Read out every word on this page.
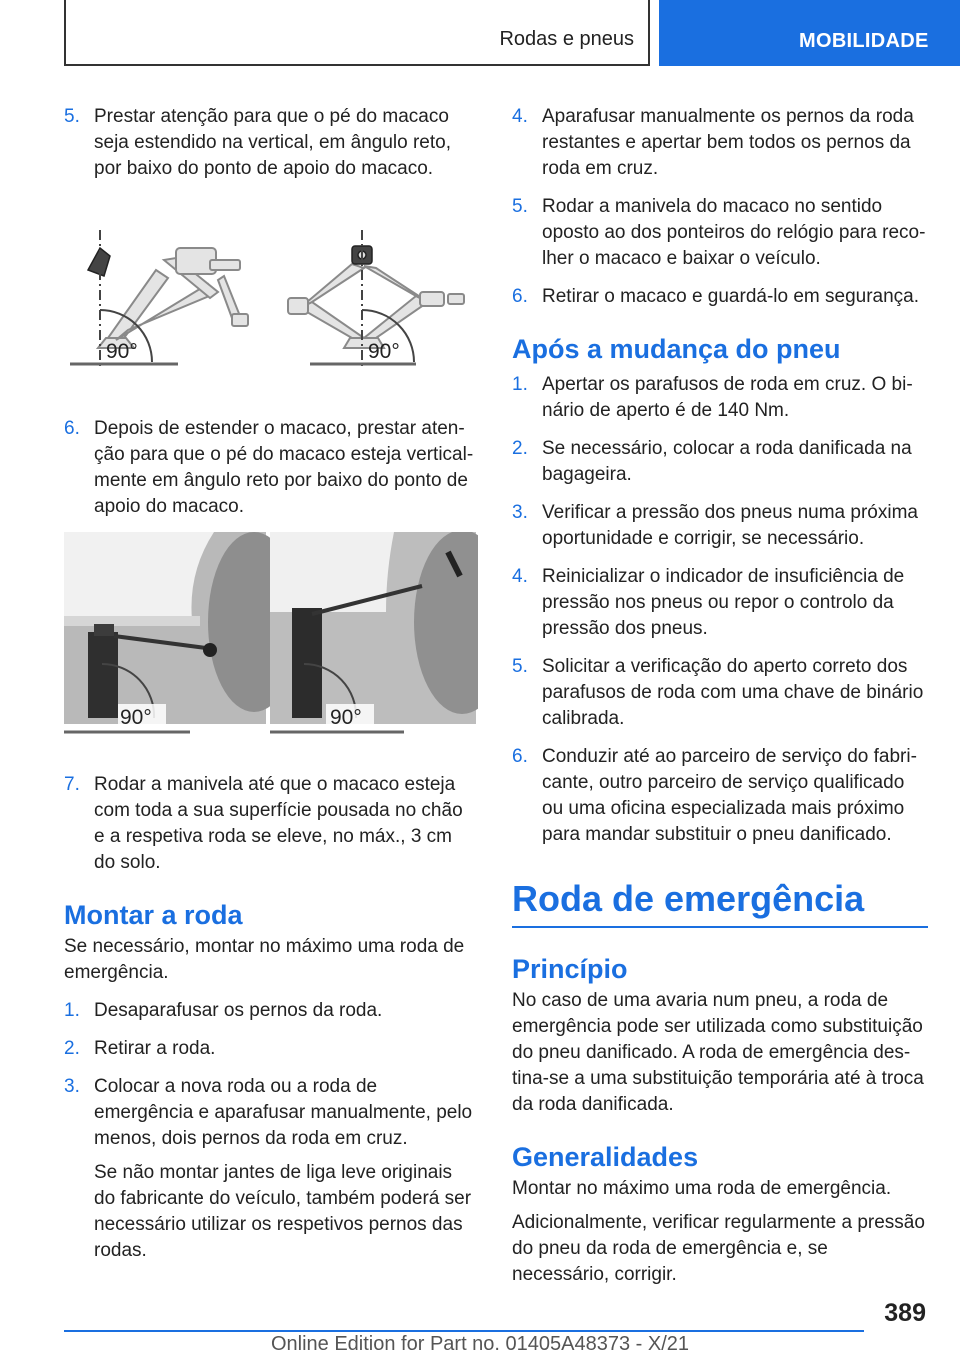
Rodas e pneus	MOBILIDADE
5. Prestar atenção para que o pé do macaco seja estendido na vertical, em ângulo reto, por baixo do ponto de apoio do macaco.

90°	90°
6. Depois de estender o macaco, prestar atenção para que o pé do macaco esteja verticalmente em ângulo reto por baixo do ponto de apoio do macaco.

90°	90°
7. Rodar a manivela até que o macaco esteja com toda a sua superfície pousada no chão e a respetiva roda se eleve, no máx., 3 cm do solo.

Montar a roda
Se necessário, montar no máximo uma roda de emergência.
1. Desaparafusar os pernos da roda.

2. Retirar a roda.

3. Colocar a nova roda ou a roda de emergência e aparafusar manualmente, pelo menos, dois pernos da roda em cruz.

Se não montar jantes de liga leve originais do fabricante do veículo, também poderá ser necessário utilizar os respetivos pernos das rodas.

4. Aparafusar manualmente os pernos da roda restantes e apertar bem todos os pernos da roda em cruz.

5. Rodar a manivela do macaco no sentido oposto ao dos ponteiros do relógio para recolher o macaco e baixar o veículo.

6. Retirar o macaco e guardá-lo em segurança.

Após a mudança do pneu
1. Apertar os parafusos de roda em cruz. O binário de aperto é de 140 Nm.

2. Se necessário, colocar a roda danificada na bagageira.

3. Verificar a pressão dos pneus numa próxima oportunidade e corrigir, se necessário.

4. Reinicializar o indicador de insuficiência de pressão nos pneus ou repor o controlo da pressão dos pneus.

5. Solicitar a verificação do aperto correto dos parafusos de roda com uma chave de binário calibrada.

6. Conduzir até ao parceiro de serviço do fabricante, outro parceiro de serviço qualificado ou uma oficina especializada mais próximo para mandar substituir o pneu danificado.

Roda de emergência
Princípio
No caso de uma avaria num pneu, a roda de emergência pode ser utilizada como substituição do pneu danificado. A roda de emergência destina-se a uma substituição temporária até à troca da roda danificada.
Generalidades
Montar no máximo uma roda de emergência.
Adicionalmente, verificar regularmente a pressão do pneu da roda de emergência e, se necessário, corrigir.
389
Online Edition for Part no. 01405A48373 - X/21
